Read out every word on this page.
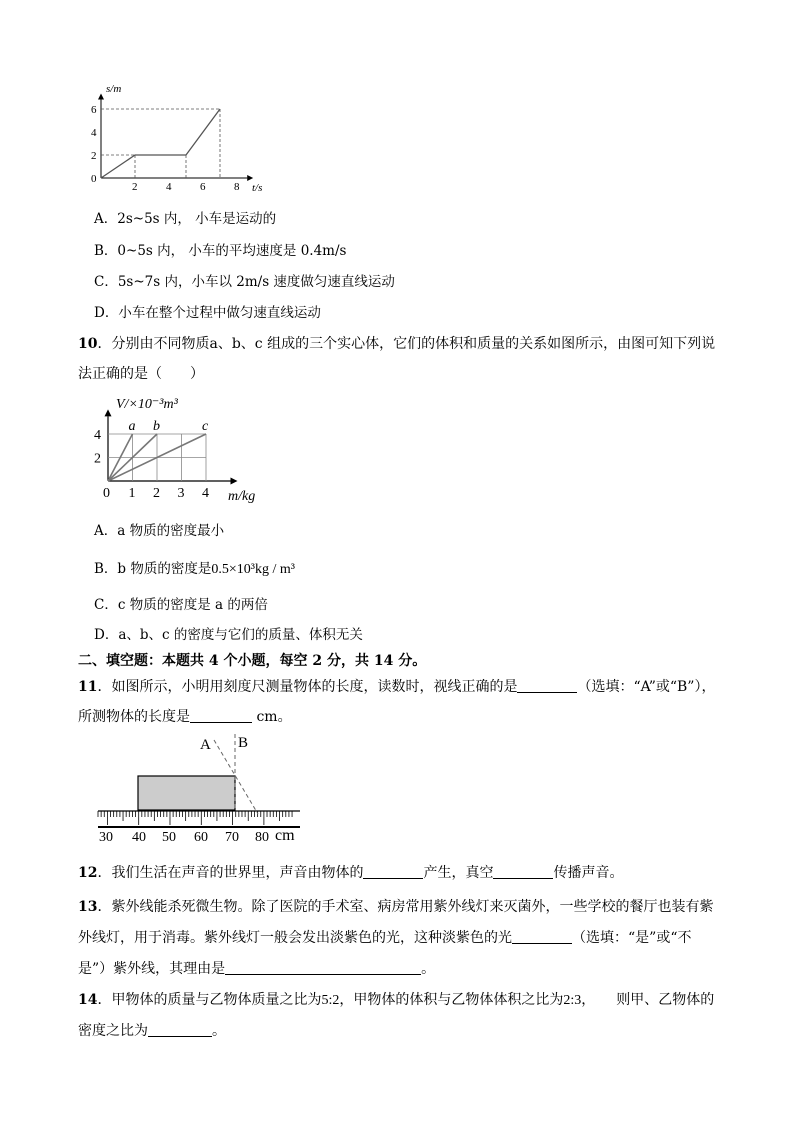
0
2
4
6
2	4	6	8
s/m
t/s
A．2s~5s 内， 小车是运动的
B．0~5s 内， 小车的平均速度是 0.4m/s
C．5s~7s 内，小车以 2m/s 速度做匀速直线运动
D．小车在整个过程中做匀速直线运动
10．分别由不同物质a、b、c 组成的三个实心体，它们的体积和质量的关系如图所示，由图可知下列说
法正确的是（　　）
a b	c
2
4
1 2 3 4
V/×10⁻³m³
m/kg
0
A．a 物质的密度最小
B．b 物质的密度是0.5×10³kg / m³
C．c 物质的密度是 a 的两倍
D．a、b、c 的密度与它们的质量、体积无关
二、填空题：本题共 4 个小题，每空 2 分，共 14 分。
11．如图所示，小明用刻度尺测量物体的长度，读数时，视线正确的是	（选填：“A”或“B”），
所测物体的长度是	cm。
A B
30 40 50 60 70 80 cm
12．我们生活在声音的世界里，声音由物体的	产生，真空	传播声音。
13．紫外线能杀死微生物。除了医院的手术室、病房常用紫外线灯来灭菌外，一些学校的餐厅也装有紫
外线灯，用于消毒。紫外线灯一般会发出淡紫色的光，这种淡紫色的光	（选填：“是”或“不
是”）紫外线，其理由是	。
14．甲物体的质量与乙物体质量之比为5:2，甲物体的体积与乙物体体积之比为2:3，　　则甲、乙物体的
密度之比为	。
